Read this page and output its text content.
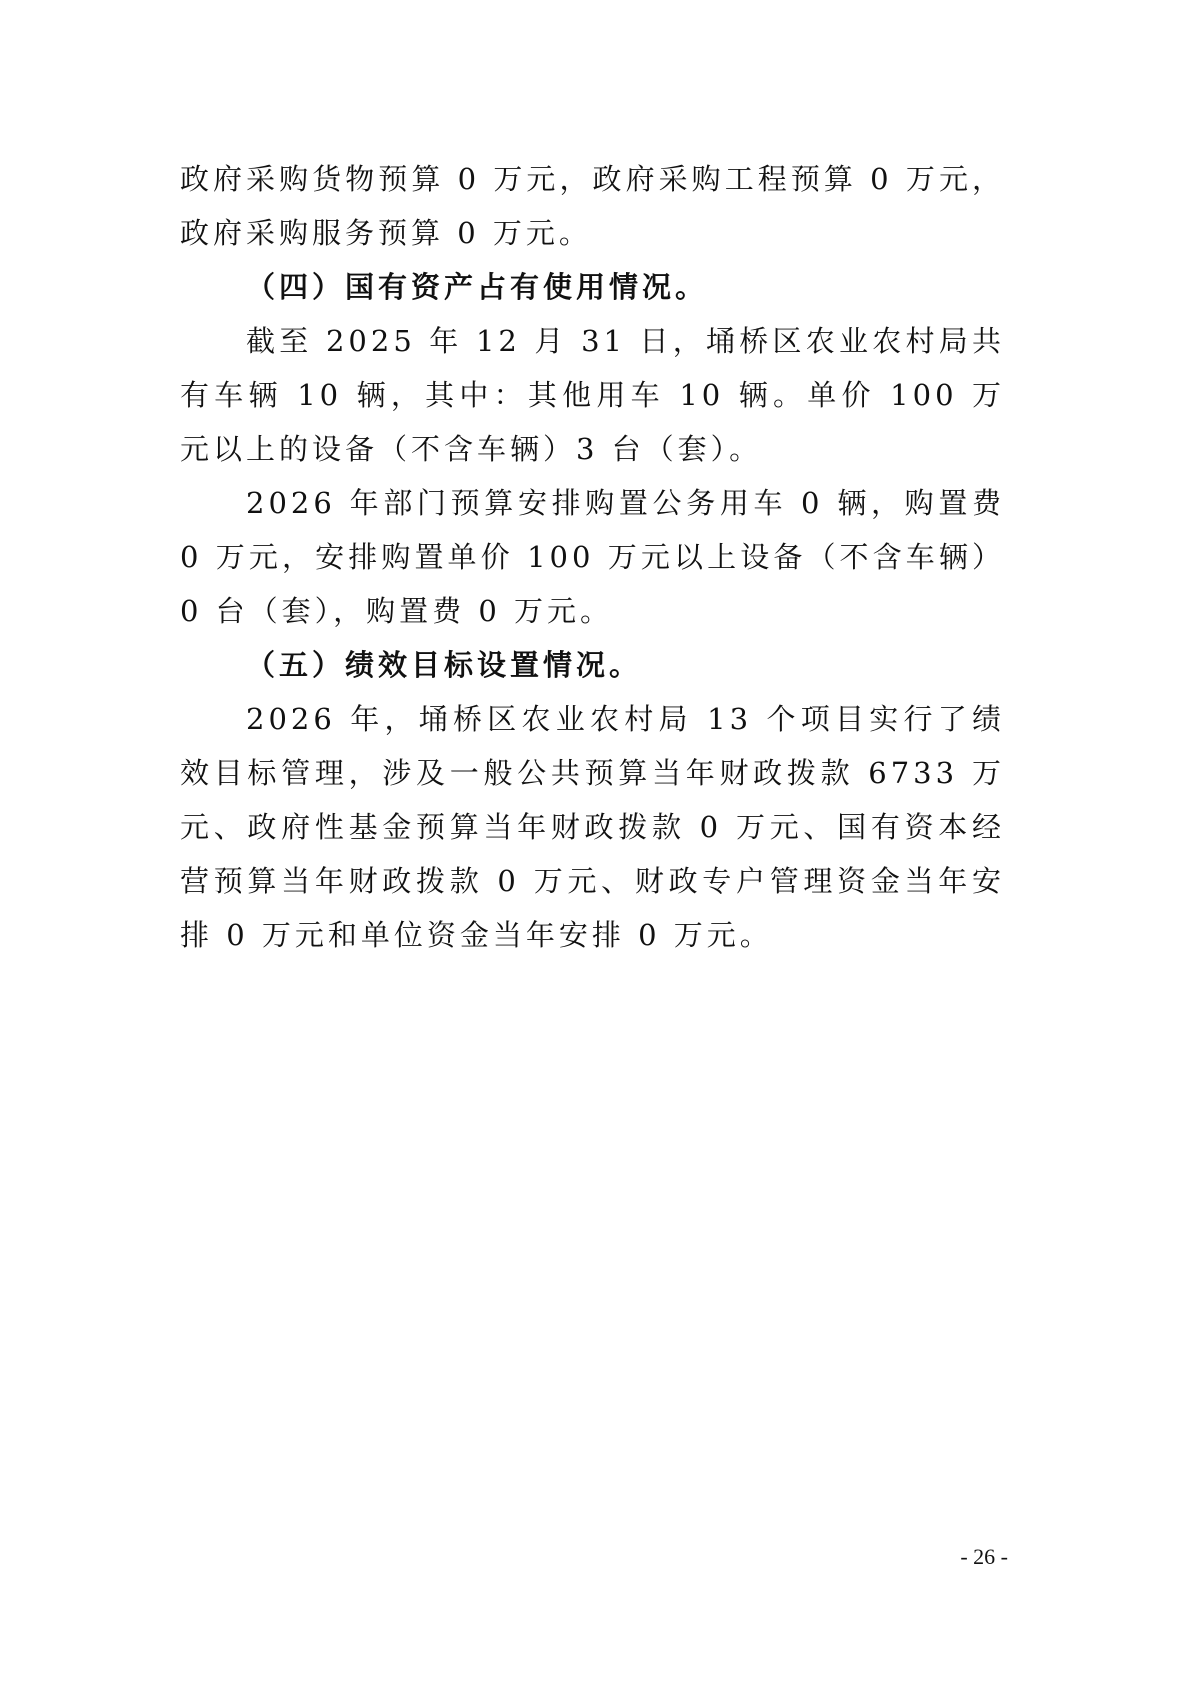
政府采购货物预算 0 万元，政府采购工程预算 0 万元，政府采购服务预算 0 万元。

（四）国有资产占有使用情况。

截至 2025 年 12 月 31 日，埇桥区农业农村局共有车辆 10 辆，其中：其他用车 10 辆。单价 100 万元以上的设备（不含车辆）3 台（套）。

2026 年部门预算安排购置公务用车 0 辆，购置费 0 万元，安排购置单价 100 万元以上设备（不含车辆）0 台（套），购置费 0 万元。

（五）绩效目标设置情况。

2026 年，埇桥区农业农村局 13 个项目实行了绩效目标管理，涉及一般公共预算当年财政拨款 6733 万元、政府性基金预算当年财政拨款 0 万元、国有资本经营预算当年财政拨款 0 万元、财政专户管理资金当年安排 0 万元和单位资金当年安排 0 万元。

- 26 -
